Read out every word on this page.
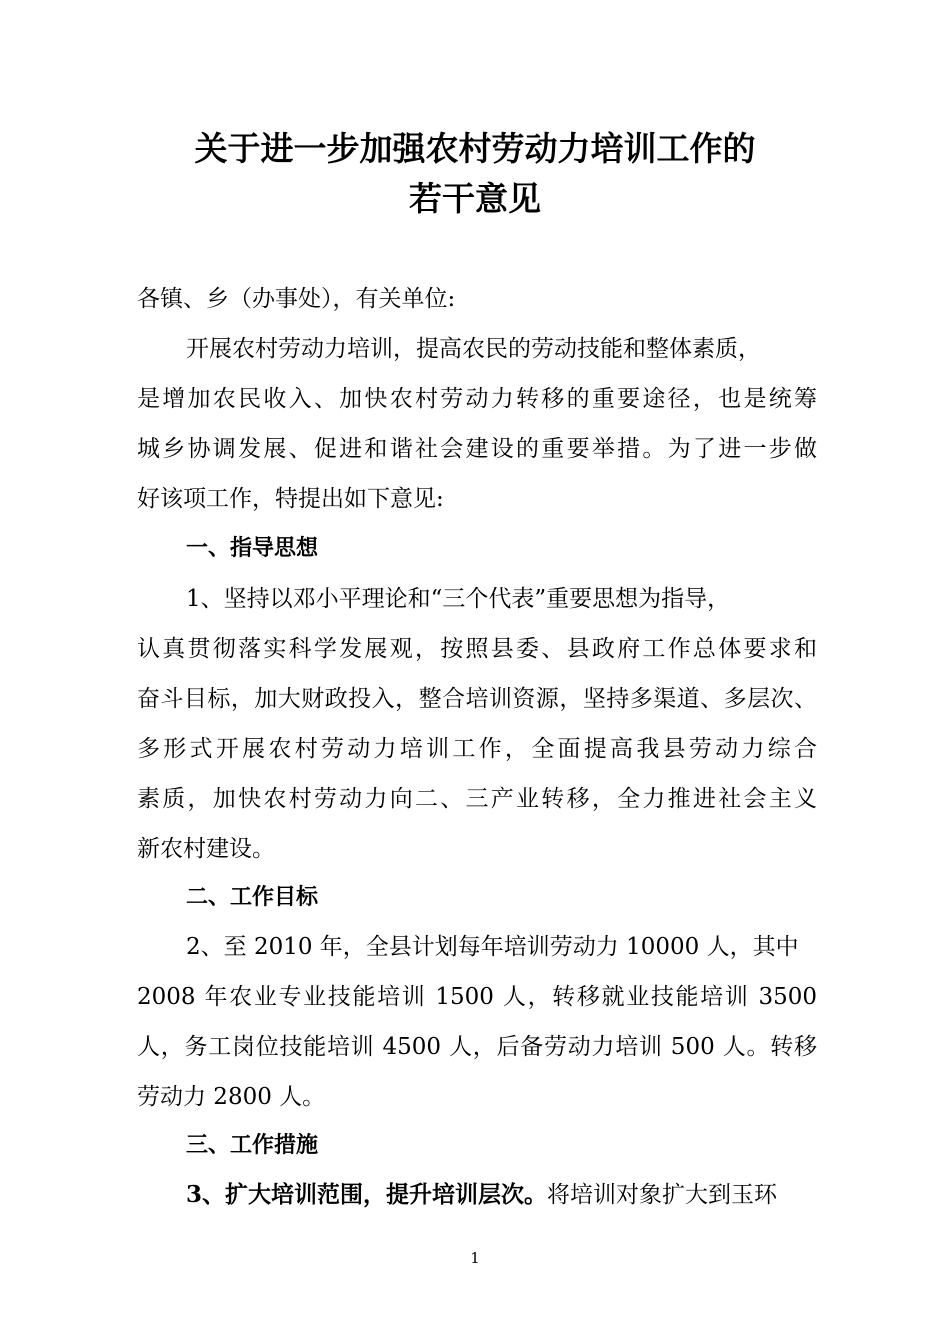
关于进一步加强农村劳动力培训工作的
若干意见
各镇、乡（办事处），有关单位:
开展农村劳动力培训，提高农民的劳动技能和整体素质，
是增加农民收入、加快农村劳动力转移的重要途径，也是统筹
城乡协调发展、促进和谐社会建设的重要举措。为了进一步做
好该项工作，特提出如下意见:
一、指导思想
1、坚持以邓小平理论和“三个代表”重要思想为指导，
认真贯彻落实科学发展观，按照县委、县政府工作总体要求和
奋斗目标，加大财政投入，整合培训资源，坚持多渠道、多层次、
多形式开展农村劳动力培训工作，全面提高我县劳动力综合
素质，加快农村劳动力向二、三产业转移，全力推进社会主义
新农村建设。
二、工作目标
2、至 2010 年，全县计划每年培训劳动力 10000 人，其中
2008 年农业专业技能培训 1500 人，转移就业技能培训 3500
人，务工岗位技能培训 4500 人，后备劳动力培训 500 人。转移
劳动力 2800 人。
三、工作措施
3、扩大培训范围，提升培训层次。将培训对象扩大到玉环
1
